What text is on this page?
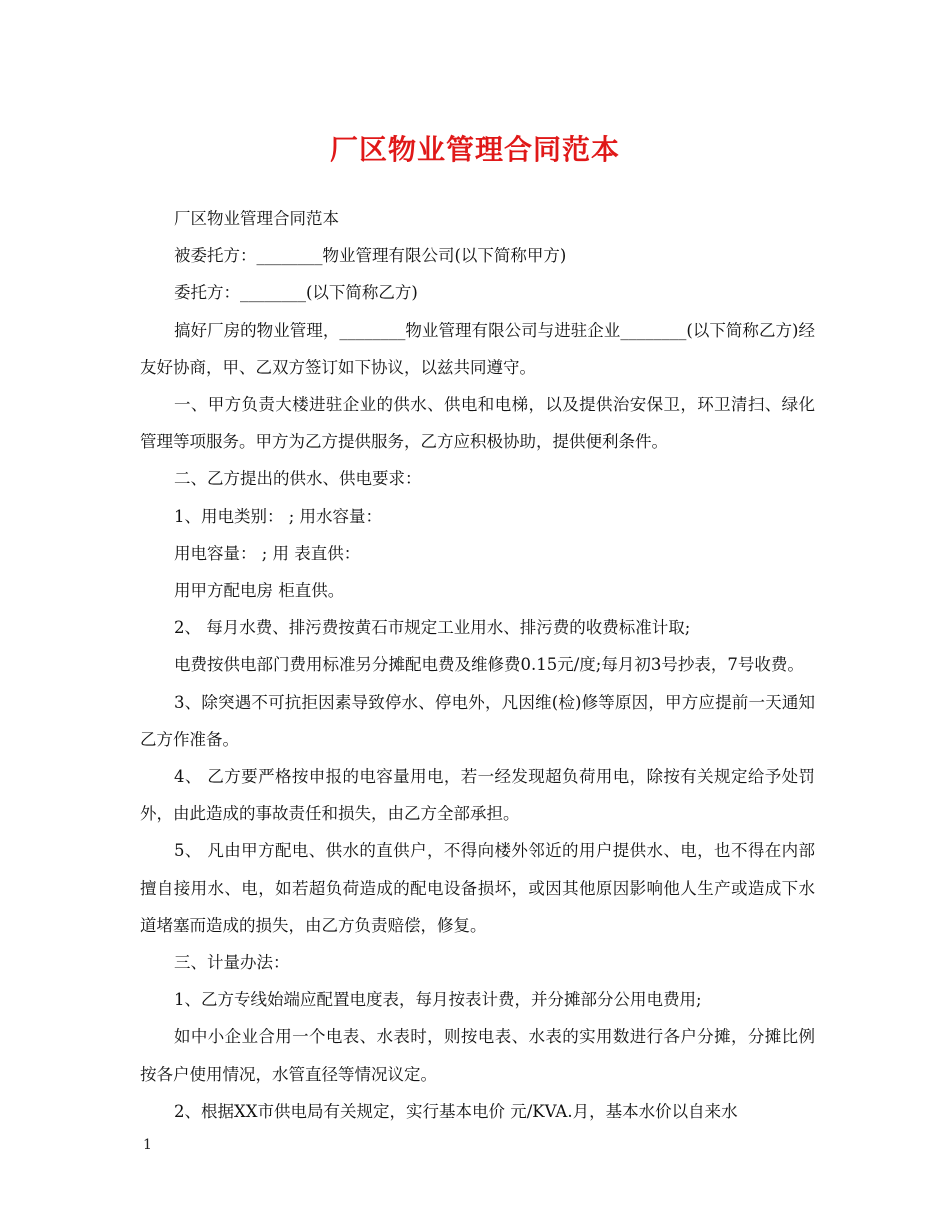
厂区物业管理合同范本

厂区物业管理合同范本

被委托方：________物业管理有限公司(以下简称甲方)

委托方：________(以下简称乙方)

搞好厂房的物业管理，________物业管理有限公司与进驻企业________(以下简称乙方)经友好协商，甲、乙双方签订如下协议，以兹共同遵守。

一、甲方负责大楼进驻企业的供水、供电和电梯，以及提供治安保卫，环卫清扫、绿化管理等项服务。甲方为乙方提供服务，乙方应积极协助，提供便利条件。

二、乙方提出的供水、供电要求：

1、用电类别： ; 用水容量：

用电容量： ; 用 表直供：

用甲方配电房 柜直供。

2、 每月水费、排污费按黄石市规定工业用水、排污费的收费标准计取;

电费按供电部门费用标准另分摊配电费及维修费0.15元/度;每月初3号抄表，7号收费。

3、除突遇不可抗拒因素导致停水、停电外，凡因维(检)修等原因，甲方应提前一天通知乙方作准备。

4、 乙方要严格按申报的电容量用电，若一经发现超负荷用电，除按有关规定给予处罚外，由此造成的事故责任和损失，由乙方全部承担。

5、 凡由甲方配电、供水的直供户，不得向楼外邻近的用户提供水、电，也不得在内部擅自接用水、电，如若超负荷造成的配电设备损坏，或因其他原因影响他人生产或造成下水道堵塞而造成的损失，由乙方负责赔偿，修复。

三、计量办法：

1、乙方专线始端应配置电度表，每月按表计费，并分摊部分公用电费用;

如中小企业合用一个电表、水表时，则按电表、水表的实用数进行各户分摊，分摊比例按各户使用情况，水管直径等情况议定。

2、根据XX市供电局有关规定，实行基本电价 元/KVA.月，基本水价以自来水

1
